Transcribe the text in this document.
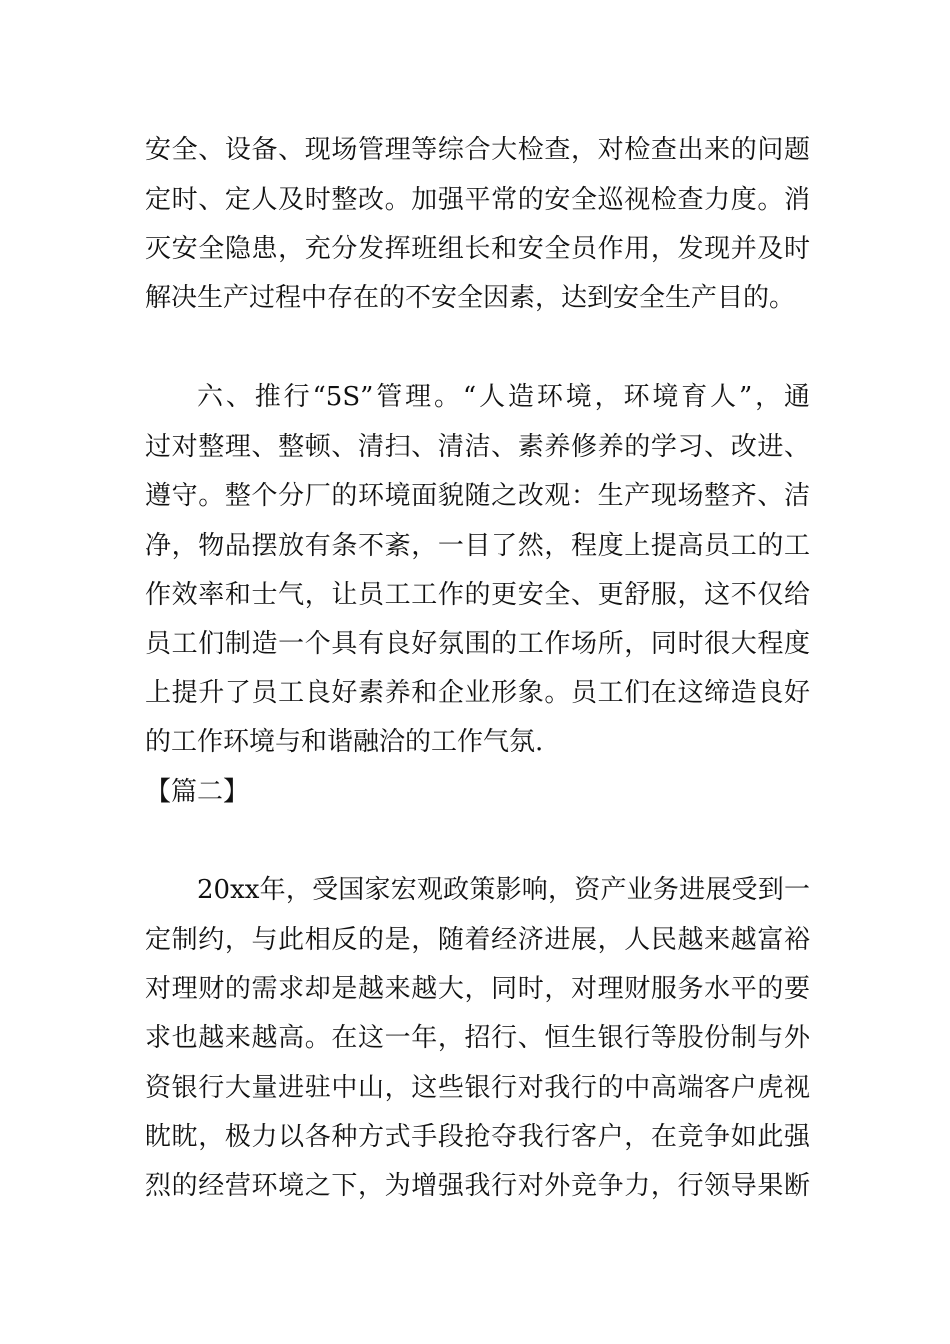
安全、设备、现场管理等综合大检查，对检查出来的问题
定时、定人及时整改。加强平常的安全巡视检查力度。消
灭安全隐患，充分发挥班组长和安全员作用，发现并及时
解决生产过程中存在的不安全因素，达到安全生产目的。
六、推行“5S”管理。“人造环境，环境育人”，通
过对整理、整顿、清扫、清洁、素养修养的学习、改进、
遵守。整个分厂的环境面貌随之改观：生产现场整齐、洁
净，物品摆放有条不紊，一目了然，程度上提高员工的工
作效率和士气，让员工工作的更安全、更舒服，这不仅给
员工们制造一个具有良好氛围的工作场所，同时很大程度
上提升了员工良好素养和企业形象。员工们在这缔造良好
的工作环境与和谐融洽的工作气氛.
【篇二】
20xx年，受国家宏观政策影响，资产业务进展受到一
定制约，与此相反的是，随着经济进展，人民越来越富裕
对理财的需求却是越来越大，同时，对理财服务水平的要
求也越来越高。在这一年，招行、恒生银行等股份制与外
资银行大量进驻中山，这些银行对我行的中高端客户虎视
眈眈，极力以各种方式手段抢夺我行客户，在竞争如此强
烈的经营环境之下，为增强我行对外竞争力，行领导果断
